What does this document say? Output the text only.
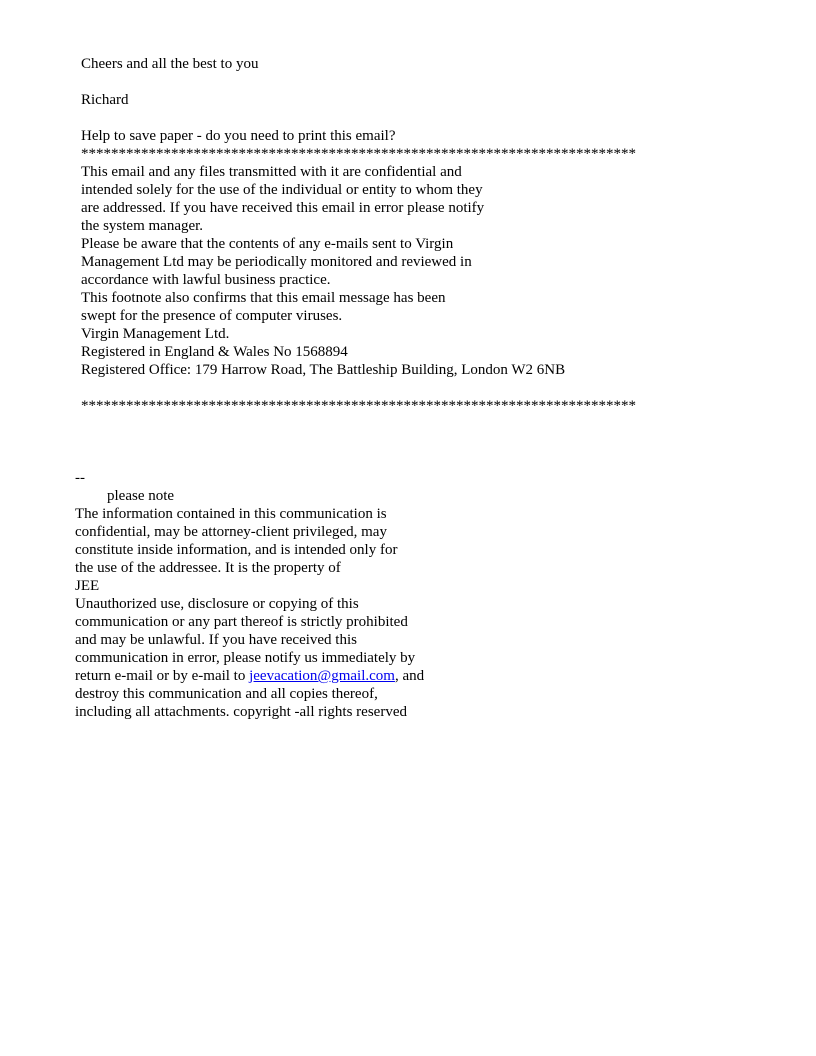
Cheers and all the best to you
Richard
Help to save paper - do you need to print this email?
**************************************************************************
This email and any files transmitted with it are confidential and
intended solely for the use of the individual or entity to whom they
are addressed. If you have received this email in error please notify
the system manager.
Please be aware that the contents of any e-mails sent to Virgin
Management Ltd may be periodically monitored and reviewed in
accordance with lawful business practice.
This footnote also confirms that this email message has been
swept for the presence of computer viruses.
Virgin Management Ltd.
Registered in England & Wales No 1568894
Registered Office: 179 Harrow Road, The Battleship Building, London W2 6NB
**************************************************************************
--
please note
The information contained in this communication is
confidential, may be attorney-client privileged, may
constitute inside information, and is intended only for
the use of the addressee. It is the property of
JEE
Unauthorized use, disclosure or copying of this
communication or any part thereof is strictly prohibited
and may be unlawful. If you have received this
communication in error, please notify us immediately by
return e-mail or by e-mail to jeevacation@gmail.com, and
destroy this communication and all copies thereof,
including all attachments. copyright -all rights reserved
